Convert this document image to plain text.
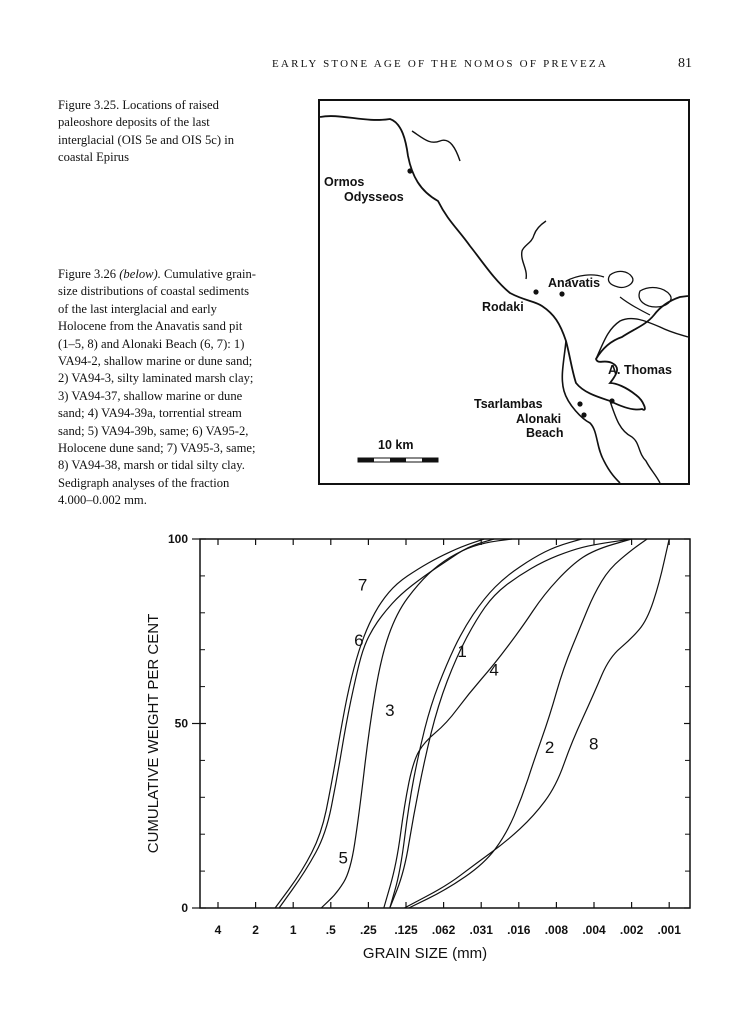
EARLY STONE AGE OF THE NOMOS OF PREVEZA	81
Figure 3.25. Locations of raised paleoshore deposits of the last interglacial (OIS 5e and OIS 5c) in coastal Epirus
Figure 3.26 (below). Cumulative grain-size distributions of coastal sediments of the last interglacial and early Holocene from the Anavatis sand pit (1–5, 8) and Alonaki Beach (6, 7): 1) VA94-2, shallow marine or dune sand; 2) VA94-3, silty laminated marsh clay; 3) VA94-37, shallow marine or dune sand; 4) VA94-39a, torrential stream sand; 5) VA94-39b, same; 6) VA95-2, Holocene dune sand; 7) VA95-3, same; 8) VA94-38, marsh or tidal silty clay. Sedigraph analyses of the fraction 4.000–0.002 mm.
Ormos
Odysseos
Anavatis
Rodaki
A. Thomas
Tsarlambas
Alonaki
Beach
10 km
4	2	1 .5 .25 .125 .062 .031 .016 .008 .004 .002 .001
0
50
100
GRAIN SIZE (mm)
CUMULATIVE WEIGHT PER CENT	1
2
3
4
5
6
7
8
